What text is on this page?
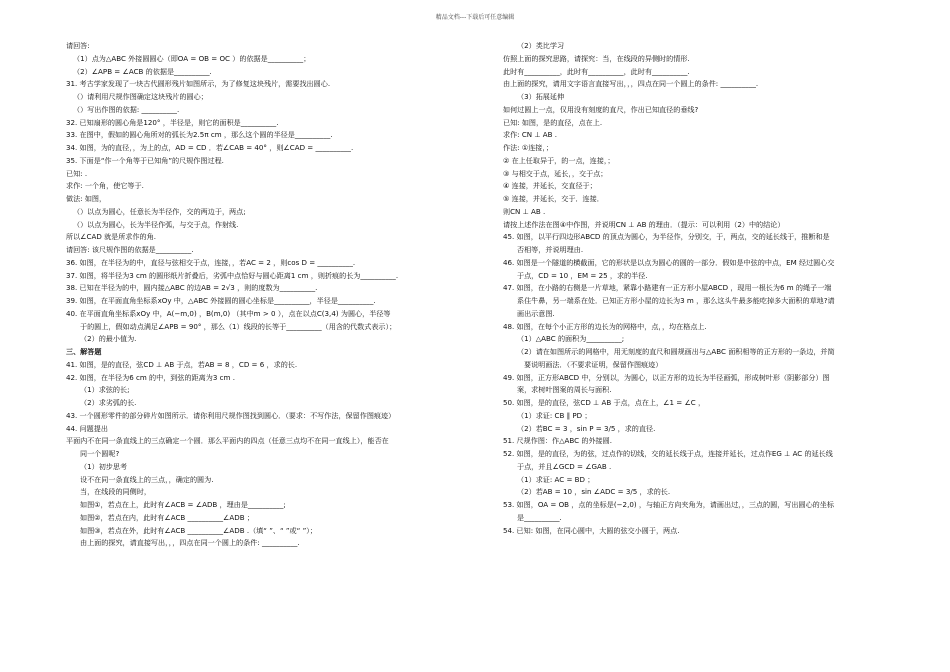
精品文档---下载后可任意编辑
请回答:
（1）点为△ABC 外接圆圆心（即OA = OB = OC ）的依据是__________；
（2）∠APB = ∠ACB 的依据是__________.
31. 考古学家发现了一块古代圆形残片如图所示，为了修复这块残片，需要找出圆心.
（）请利用尺规作图确定这块残片的圆心；
（）写出作图的依据: __________.
32. 已知扇形的圆心角是120° ，半径是，则它的面积是__________.
33. 在图中，假如的圆心角所对的弧长为2.5π cm ，那么这个圆的半径是__________.
34. 如图，为的直径，，为上的点，AD = CD ．若∠CAB = 40° ，则∠CAD = __________.
35. 下面是“作一个角等于已知角”的尺规作图过程.
已知: .
求作: 一个角，使它等于.
做法: 如图，
（）以点为圆心，任意长为半径作，交的两边于，两点;
（）以点为圆心，长为半径作弧，与交于点，作射线.
所以∠CAD 就是所求作的角.
请回答: 该尺规作图的依据是__________.
36. 如图，在半径为的中，直径与弦相交于点，连接，，若AC = 2 ，则cos D = __________.
37. 如图，将半径为3 cm 的圆形纸片折叠后，劣弧中点恰好与圆心距离1 cm ，则折痕的长为__________.
38. 已知在半径为的中，圆内接△ABC 的边AB = 2√3 ，则的度数为__________.
39. 如图，在平面直角坐标系xOy 中，△ABC 外接圆的圆心坐标是__________，半径是__________.
40. 在平面直角坐标系xOy 中，A(−m,0) ，B(m,0) （其中m > 0 ），点在以点C(3,4) 为圆心，半径等
于的圆上，假如动点满足∠APB = 90° ，那么（1）线段的长等于__________（用含的代数式表示）；
（2）的最小值为.
三、解答题
41. 如图，是的直径，弦CD ⊥ AB 于点，若AB = 8 ，CD = 6 ，求的长.
42. 如图，在半径为6 cm 的中，到弦的距离为3 cm .
（1）求弦的长;
（2）求劣弧的长.
43. 一个圆形零件的部分碎片如图所示．请你利用尺规作图找到圆心．（要求：不写作法，保留作图痕迹）
44. 问题提出
平面内不在同一条直线上的三点确定一个圆．那么平面内的四点（任意三点均不在同一直线上），能否在
同一个圆呢?
（1）初步思考
设不在同一条直线上的三点，，确定的圆为.
当，在线段的同侧时，
如图①，若点在上，此时有∠ACB = ∠ADB ，理由是__________;
如图②，若点在内，此时有∠ACB __________∠ADB ；
如图③，若点在外，此时有∠ACB __________∠ADB .（填“ ”、“ ”或“ ”）；
由上面的探究，请直接写出，，，四点在同一个圆上的条件: __________.
（2）类比学习
仿照上面的探究思路，请探究：当，在线段的异侧时的情形.
此时有__________，此时有__________，此时有__________.
由上面的探究，请用文字语言直接写出，，，四点在同一个圆上的条件: __________.
（3）拓展延伸
如何过圆上一点，仅用没有刻度的直尺，作出已知直径的垂线?
已知: 如图，是的直径，点在上.
求作: CN ⊥ AB .
作法: ①连接，；
② 在上任取异于，的一点，连接，；
③ 与相交于点，延长，，交于点；
④ 连接，并延长，交直径于；
⑤ 连接，并延长，交于．连接．
则CN ⊥ AB .
请按上述作法在图④中作图，并说明CN ⊥ AB 的理由．（提示：可以利用（2）中的结论）
45. 如图，以平行四边形ABCD 的顶点为圆心，为半径作，分别交，于，两点，交的延长线于，推断和是
否相等，并说明理由.
46. 如图是一个隧道的横截面，它的形状是以点为圆心的圆的一部分．假如是中弦的中点，EM 经过圆心交
于点，CD = 10 ，EM = 25 ，求的半径.
47. 如图，在小路的右侧是一片草地，紧靠小路建有一正方形小屋ABCD ，现用一根长为6 m 的绳子一端
系住牛鼻，另一端系在处．已知正方形小屋的边长为3 m ，那么这头牛最多能吃掉多大面积的草地?请
画出示意图.
48. 如图，在每个小正方形的边长为的网格中，点，，均在格点上.
（1）△ABC 的面积为__________;
（2）请在如图所示的网格中，用无刻度的直尺和圆规画出与△ABC 面积相等的正方形的一条边，并简
要说明画法．（不要求证明，保留作图痕迹）
49. 如图，正方形ABCD 中，分别以，为圆心，以正方形的边长为半径画弧，形成树叶形（阴影部分）图
案，求树叶图案的周长与面积.
50. 如图，是的直径，弦CD ⊥ AB 于点，点在上，∠1 = ∠C ，
（1）求证: CB ∥ PD ；
（2）若BC = 3 ，sin P = 3/5 ，求的直径.
51. 尺规作图：作△ABC 的外接圆.
52. 如图，是的直径，为的弦，过点作的切线，交的延长线于点，连接并延长，过点作EG ⊥ AC 的延长线
于点，并且∠GCD = ∠GAB .
（1）求证: AC = BD ；
（2）若AB = 10 ，sin ∠ADC = 3/5 ，求的长.
53. 如图，OA = OB ，点的坐标是(−2,0) ，与轴正方向夹角为，请画出过，，三点的圆，写出圆心的坐标
是__________.
54. 已知: 如图，在同心圆中，大圆的弦交小圆于，两点.
